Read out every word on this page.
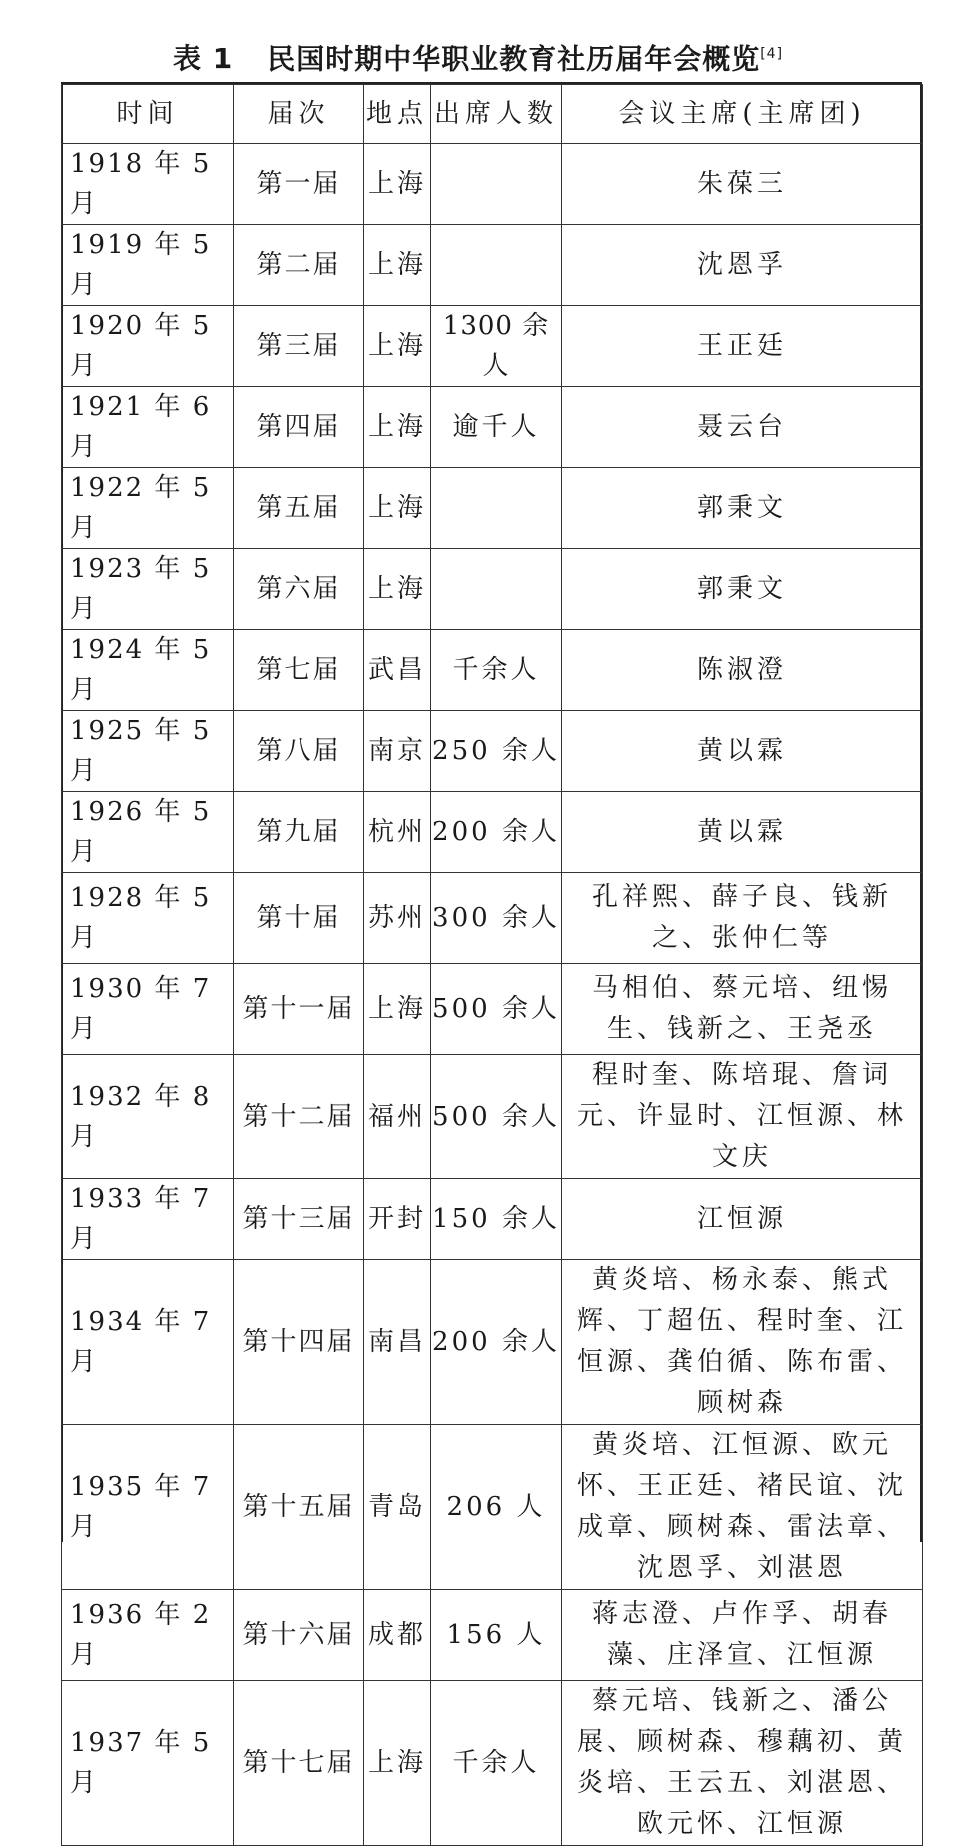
表 1 民国时期中华职业教育社历届年会概览[4]
时间	届次	地点	出席人数	会议主席(主席团)
1918 年 5 月	第一届	上海		朱葆三
1919 年 5 月	第二届	上海		沈恩孚
1920 年 5 月	第三届	上海	1300 余人	王正廷
1921 年 6 月	第四届	上海	逾千人	聂云台
1922 年 5 月	第五届	上海		郭秉文
1923 年 5 月	第六届	上海		郭秉文
1924 年 5 月	第七届	武昌	千余人	陈淑澄
1925 年 5 月	第八届	南京	250 余人	黄以霖
1926 年 5 月	第九届	杭州	200 余人	黄以霖
1928 年 5 月	第十届	苏州	300 余人	孔祥熙、薛子良、钱新之、张仲仁等
1930 年 7 月	第十一届	上海	500 余人	马相伯、蔡元培、纽惕生、钱新之、王尧丞
1932 年 8 月	第十二届	福州	500 余人	程时奎、陈培琨、詹词元、许显时、江恒源、林文庆
1933 年 7 月	第十三届	开封	150 余人	江恒源
1934 年 7 月	第十四届	南昌	200 余人	黄炎培、杨永泰、熊式辉、丁超伍、程时奎、江恒源、龚伯循、陈布雷、顾树森
1935 年 7 月	第十五届	青岛	206 人	黄炎培、江恒源、欧元怀、王正廷、褚民谊、沈成章、顾树森、雷法章、沈恩孚、刘湛恩
1936 年 2 月	第十六届	成都	156 人	蒋志澄、卢作孚、胡春藻、庄泽宣、江恒源
1937 年 5 月	第十七届	上海	千余人	蔡元培、钱新之、潘公展、顾树森、穆藕初、黄炎培、王云五、刘湛恩、欧元怀、江恒源
